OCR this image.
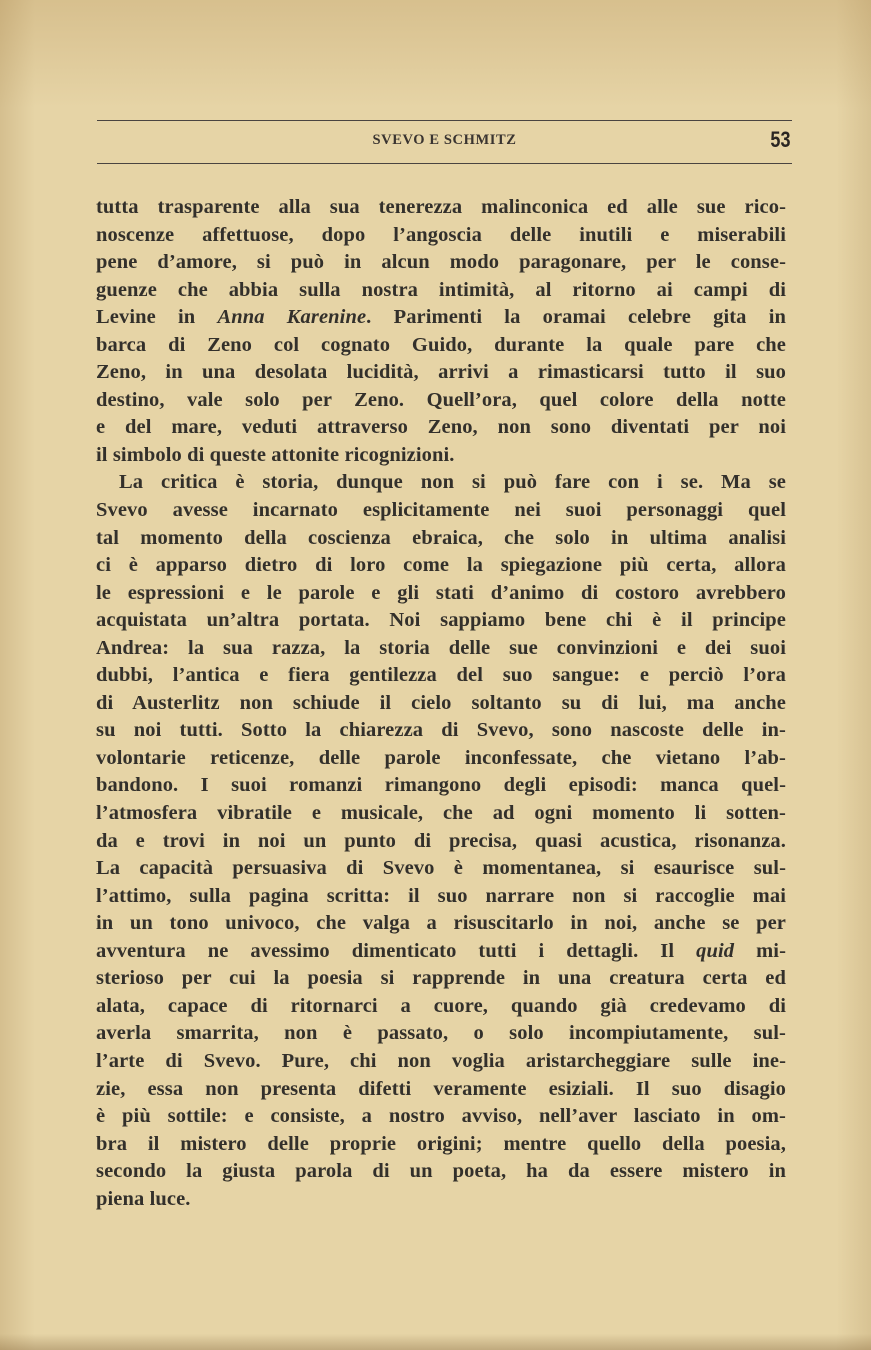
SVEVO E SCHMITZ	53
tutta trasparente alla sua tenerezza malinconica ed alle sue rico-
noscenze affettuose, dopo l’angoscia delle inutili e miserabili
pene d’amore, si può in alcun modo paragonare, per le conse-
guenze che abbia sulla nostra intimità, al ritorno ai campi di
Levine in Anna Karenine. Parimenti la oramai celebre gita in
barca di Zeno col cognato Guido, durante la quale pare che
Zeno, in una desolata lucidità, arrivi a rimasticarsi tutto il suo
destino, vale solo per Zeno. Quell’ora, quel colore della notte
e del mare, veduti attraverso Zeno, non sono diventati per noi
il simbolo di queste attonite ricognizioni.
La critica è storia, dunque non si può fare con i se. Ma se
Svevo avesse incarnato esplicitamente nei suoi personaggi quel
tal momento della coscienza ebraica, che solo in ultima analisi
ci è apparso dietro di loro come la spiegazione più certa, allora
le espressioni e le parole e gli stati d’animo di costoro avrebbero
acquistata un’altra portata. Noi sappiamo bene chi è il principe
Andrea: la sua razza, la storia delle sue convinzioni e dei suoi
dubbi, l’antica e fiera gentilezza del suo sangue: e perciò l’ora
di Austerlitz non schiude il cielo soltanto su di lui, ma anche
su noi tutti. Sotto la chiarezza di Svevo, sono nascoste delle in-
volontarie reticenze, delle parole inconfessate, che vietano l’ab-
bandono. I suoi romanzi rimangono degli episodi: manca quel-
l’atmosfera vibratile e musicale, che ad ogni momento li sotten-
da e trovi in noi un punto di precisa, quasi acustica, risonanza.
La capacità persuasiva di Svevo è momentanea, si esaurisce sul-
l’attimo, sulla pagina scritta: il suo narrare non si raccoglie mai
in un tono univoco, che valga a risuscitarlo in noi, anche se per
avventura ne avessimo dimenticato tutti i dettagli. Il quid mi-
sterioso per cui la poesia si rapprende in una creatura certa ed
alata, capace di ritornarci a cuore, quando già credevamo di
averla smarrita, non è passato, o solo incompiutamente, sul-
l’arte di Svevo. Pure, chi non voglia aristarcheggiare sulle ine-
zie, essa non presenta difetti veramente esiziali. Il suo disagio
è più sottile: e consiste, a nostro avviso, nell’aver lasciato in om-
bra il mistero delle proprie origini; mentre quello della poesia,
secondo la giusta parola di un poeta, ha da essere mistero in
piena luce.
